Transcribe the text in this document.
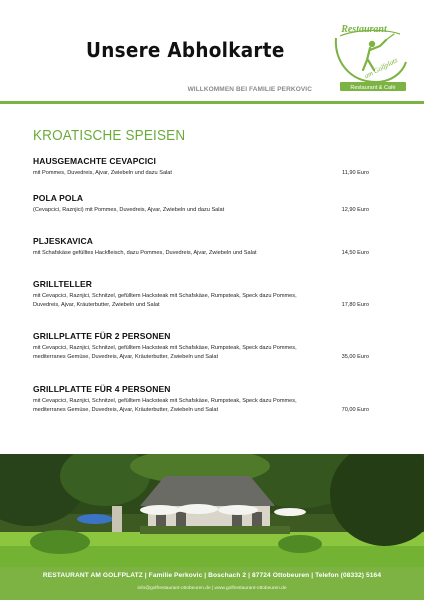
Unsere Abholkarte
WILLKOMMEN BEI FAMILIE PERKOVIC
Restaurant
am Golfplatz
Restaurant & Café
KROATISCHE SPEISEN
HAUSGEMACHTE CEVAPCICI
mit Pommes, Duvedreis, Ajvar, Zwiebeln und dazu Salat	11,90 Euro
POLA POLA
(Cevapcici, Raznjici) mit Pommes, Duvedreis, Ajvar, Zwiebeln und dazu Salat	12,90 Euro
PLJESKAVICA
mit Schafskäse gefülltes Hackfleisch, dazu Pommes, Duvedreis, Ajvar, Zwiebeln und Salat	14,50 Euro
GRILLTELLER
mit Cevapcici, Raznjici, Schnitzel, gefülltem Hacksteak mit Schafskäse, Rumpsteak, Speck dazu Pommes, Duvedreis, Ajvar, Kräuterbutter, Zwiebeln und Salat	17,80 Euro
GRILLPLATTE FÜR 2 PERSONEN
mit Cevapcici, Raznjici, Schnitzel, gefülltem Hacksteak mit Schafskäse, Rumpsteak, Speck dazu Pommes, mediterranes Gemüse, Duvedreis, Ajvar, Kräuterbutter, Zwiebeln und Salat	35,00 Euro
GRILLPLATTE FÜR 4 PERSONEN
mit Cevapcici, Raznjici, Schnitzel, gefülltem Hacksteak mit Schafskäse, Rumpsteak, Speck dazu Pommes, mediterranes Gemüse, Duvedreis, Ajvar, Kräuterbutter, Zwiebeln und Salat	70,00 Euro
RESTAURANT AM GOLFPLATZ | Familie Perkovic | Boschach 2 | 87724 Ottobeuren | Telefon (08332) 5164
info@golfrestaurant-ottobeuren.de | www.golfrestaurant-ottobeuren.de
